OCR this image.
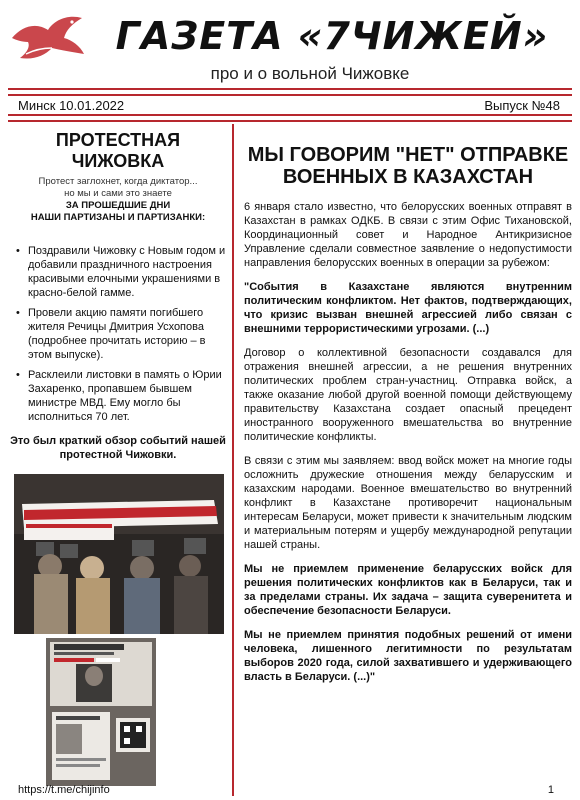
ГАЗЕТА «7ЧИЖЕЙ»
про и о вольной Чижовке
Минск 10.01.2022	Выпуск №48
ПРОТЕСТНАЯ ЧИЖОВКА
Протест заглохнет, когда диктатор...
но мы и сами это знаете
ЗА ПРОШЕДШИЕ ДНИ
НАШИ ПАРТИЗАНЫ И ПАРТИЗАНКИ:
• Поздравили Чижовку с Новым годом и добавили праздничного настроения красивыми елочными украшениями в красно-белой гамме.
• Провели акцию памяти погибшего жителя Речицы Дмитрия Усхопова (подробнее прочитать историю – в этом выпуске).
• Расклеили листовки в память о Юрии Захаренко, пропавшем бывшем министре МВД. Ему могло бы исполниться 70 лет.
Это был краткий обзор событий нашей протестной Чижовки.
МЫ ГОВОРИМ "НЕТ" ОТПРАВКЕ ВОЕННЫХ В КАЗАХСТАН

6 января стало известно, что белорусских военных отправят в Казахстан в рамках ОДКБ. В связи с этим Офис Тихановской, Координационный совет и Народное Антикризисное Управление сделали совместное заявление о недопустимости направления белорусских военных в операции за рубежом:

"События в Казахстане являются внутренним политическим конфликтом. Нет фактов, подтверждающих, что кризис вызван внешней агрессией либо связан с внешними террористическими угрозами. (...)

Договор о коллективной безопасности создавался для отражения внешней агрессии, а не решения внутренних политических проблем стран-участниц. Отправка войск, а также оказание любой другой военной помощи действующему правительству Казахстана создает опасный прецедент иностранного вооруженного вмешательства во внутренние политические конфликты.

В связи с этим мы заявляем: ввод войск может на многие годы осложнить дружеские отношения между беларусским и казахским народами. Военное вмешательство во внутренний конфликт в Казахстане противоречит национальным интересам Беларуси, может привести к значительным людским и материальным потерям и ущербу международной репутации нашей страны.

Мы не приемлем применение беларусских войск для решения политических конфликтов как в Беларуси, так и за пределами страны. Их задача – защита суверенитета и обеспечение безопасности Беларуси.

Мы не приемлем принятия подобных решений от имени человека, лишенного легитимности по результатам выборов 2020 года, силой захватившего и удерживающего власть в Беларуси. (...)"

https://t.me/chijinfo	1
